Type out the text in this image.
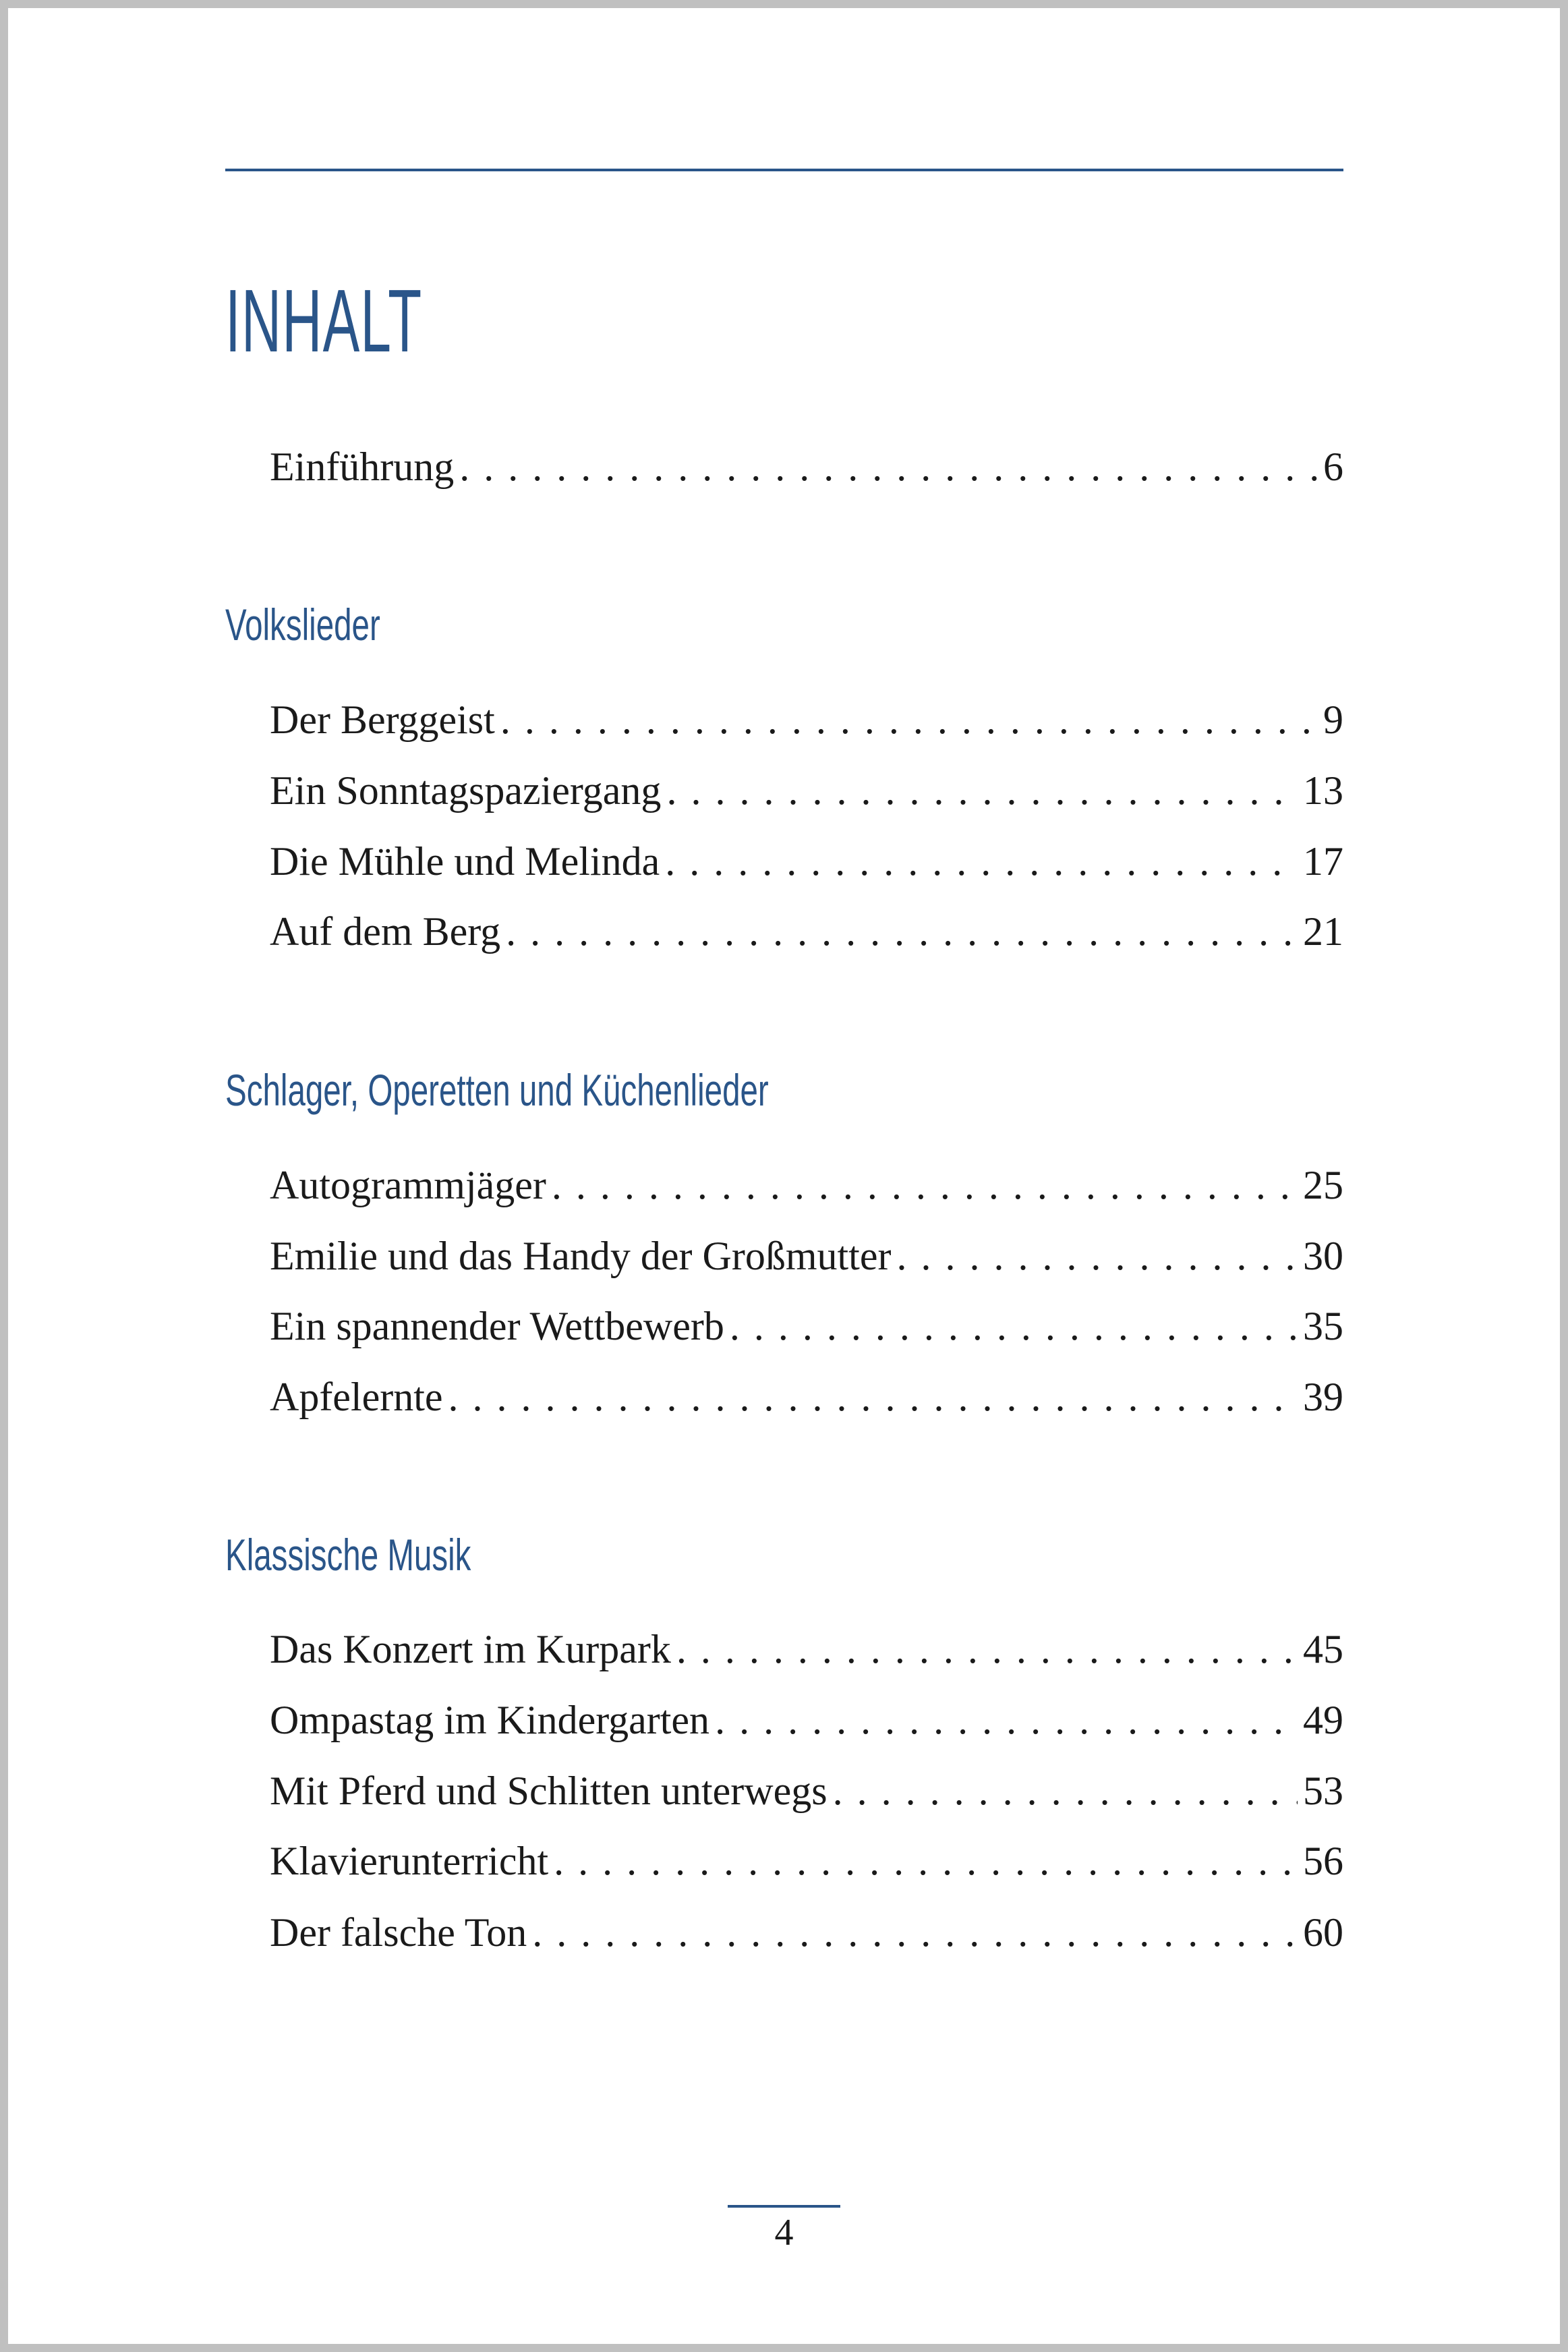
INHALT
Einführung . . .	6
Volkslieder
Der Berggeist . . .	9
Ein Sonntagspaziergang . . .	13
Die Mühle und Melinda . . .	17
Auf dem Berg . . .	21
Schlager, Operetten und Küchenlieder
Autogrammjäger . . .	25
Emilie und das Handy der Großmutter . . .	30
Ein spannender Wettbewerb . . .	35
Apfelernte . . .	39
Klassische Musik
Das Konzert im Kurpark . . .	45
Ompastag im Kindergarten . . .	49
Mit Pferd und Schlitten unterwegs . . .	53
Klavierunterricht . . .	56
Der falsche Ton . . .	60
4
